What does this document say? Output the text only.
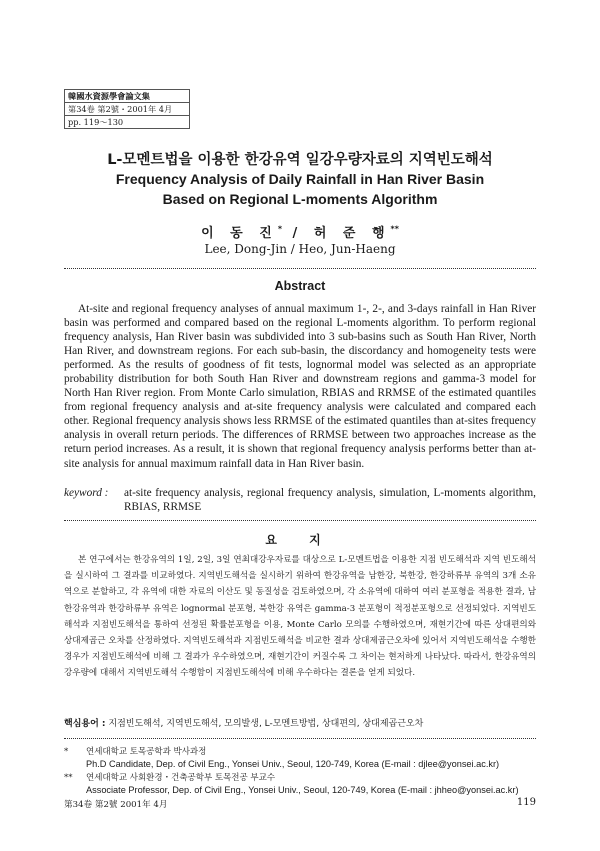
韓國水資源學會論文集
第34卷 第2號・2001年 4月
pp. 119～130
L-모멘트법을 이용한 한강유역 일강우량자료의 지역빈도해석
Frequency Analysis of Daily Rainfall in Han River Basin
Based on Regional L-moments Algorithm
이 동 진* / 허 준 행**
Lee, Dong-Jin / Heo, Jun-Haeng
Abstract

At-site and regional frequency analyses of annual maximum 1-, 2-, and 3-days rainfall in Han River basin was performed and compared based on the regional L-moments algorithm. To perform regional frequency analysis, Han River basin was subdivided into 3 sub-basins such as South Han River, North Han River, and downstream regions. For each sub-basin, the discordancy and homogeneity tests were performed. As the results of goodness of fit tests, lognormal model was selected as an appropriate probability distribution for both South Han River and downstream regions and gamma-3 model for North Han River region. From Monte Carlo simulation, RBIAS and RRMSE of the estimated quantiles from regional frequency analysis and at-site frequency analysis were calculated and compared each other. Regional frequency analysis shows less RRMSE of the estimated quantiles than at-sites frequency analysis in overall return periods. The differences of RRMSE between two approaches increase as the return period increases. As a result, it is shown that regional frequency analysis performs better than at-site analysis for annual maximum rainfall data in Han River basin.

keyword : at-site frequency analysis, regional frequency analysis, simulation, L-moments algorithm, RBIAS, RRMSE
요 지

본 연구에서는 한강유역의 1일, 2일, 3일 연최대강우자료를 대상으로 L-모멘트법을 이용한 지점 빈도해석과 지역 빈도해석을 실시하여 그 결과를 비교하였다. 지역빈도해석을 실시하기 위하여 한강유역을 남한강, 북한강, 한강하류부 유역의 3개 소유역으로 분할하고, 각 유역에 대한 자료의 이산도 및 동질성을 검토하였으며, 각 소유역에 대하여 여러 분포형을 적용한 결과, 남한강유역과 한강하류부 유역은 lognormal 분포형, 북한강 유역은 gamma-3 분포형이 적정분포형으로 선정되었다. 지역빈도해석과 지점빈도해석을 통하여 선정된 확률분포형을 이용, Monte Carlo 모의를 수행하였으며, 재현기간에 따른 상대편의와 상대제곱근 오차를 산정하였다. 지역빈도해석과 지점빈도해석을 비교한 결과 상대제곱근오차에 있어서 지역빈도해석을 수행한 경우가 지점빈도해석에 비해 그 결과가 우수하였으며, 재현기간이 커질수록 그 차이는 현저하게 나타났다. 따라서, 한강유역의 강우량에 대해서 지역빈도해석 수행함이 지점빈도해석에 비해 우수하다는 결론을 얻게 되었다.

핵심용어 : 지점빈도해석, 지역빈도해석, 모의발생, L-모멘트방법, 상대편의, 상대제곱근오차
* 연세대학교 토목공학과 박사과정
Ph.D Candidate, Dep. of Civil Eng., Yonsei Univ., Seoul, 120-749, Korea (E-mail : djlee@yonsei.ac.kr)
** 연세대학교 사회환경・건축공학부 토목전공 부교수
Associate Professor, Dep. of Civil Eng., Yonsei Univ., Seoul, 120-749, Korea (E-mail : jhheo@yonsei.ac.kr)
第34卷 第2號 2001年 4月	119
